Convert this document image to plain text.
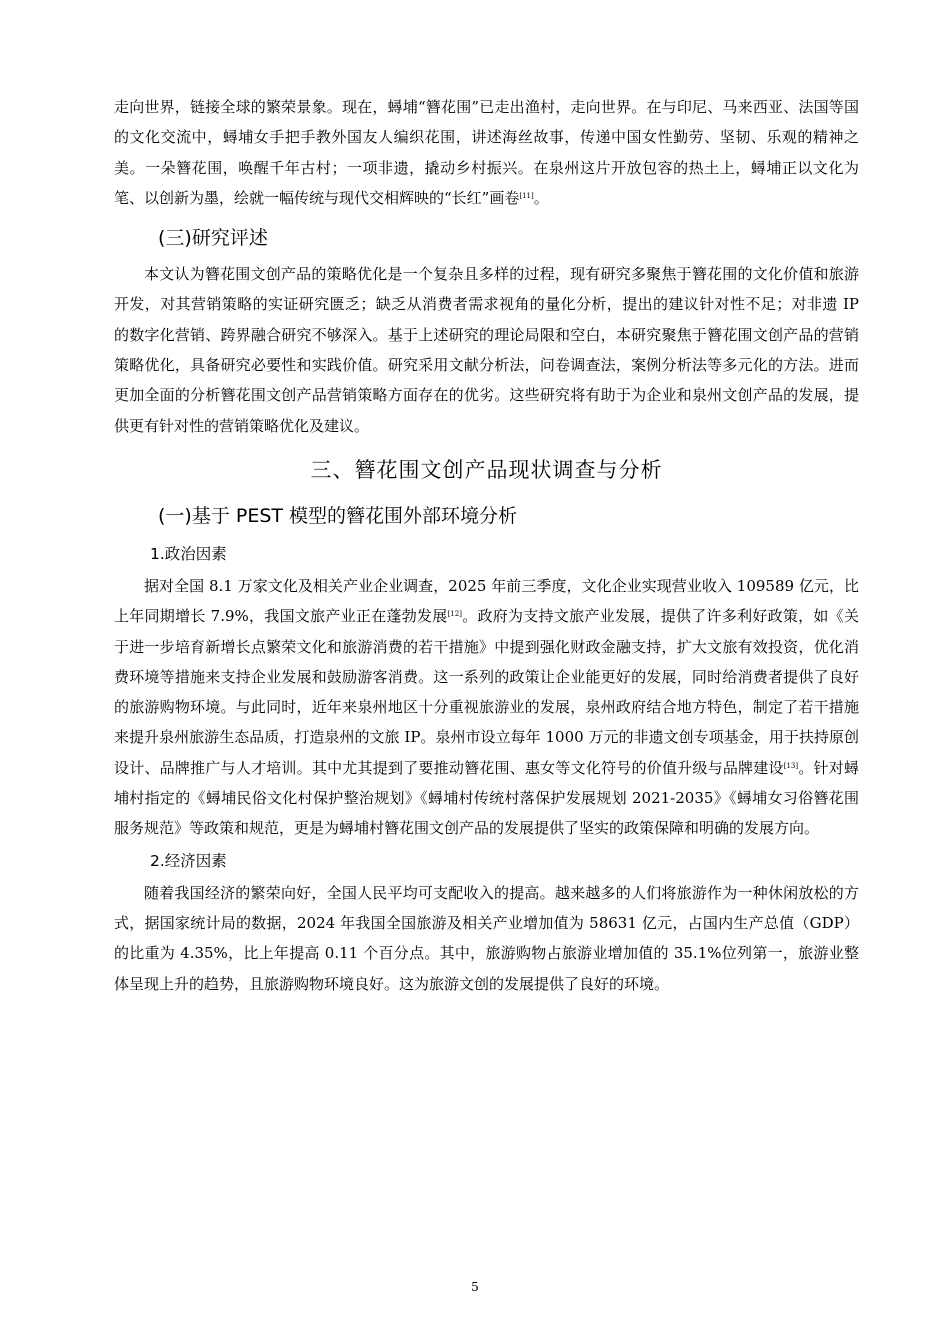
走向世界，链接全球的繁荣景象。现在，蟳埔“簪花围”已走出渔村，走向世界。在与印尼、马来西亚、法国等国的文化交流中，蟳埔女手把手教外国友人编织花围，讲述海丝故事，传递中国女性勤劳、坚韧、乐观的精神之美。一朵簪花围，唤醒千年古村；一项非遗，撬动乡村振兴。在泉州这片开放包容的热土上，蟳埔正以文化为笔、以创新为墨，绘就一幅传统与现代交相辉映的“长红”画卷[11]。

(三)研究评述

本文认为簪花围文创产品的策略优化是一个复杂且多样的过程，现有研究多聚焦于簪花围的文化价值和旅游开发，对其营销策略的实证研究匮乏；缺乏从消费者需求视角的量化分析，提出的建议针对性不足；对非遗 IP 的数字化营销、跨界融合研究不够深入。基于上述研究的理论局限和空白，本研究聚焦于簪花围文创产品的营销策略优化，具备研究必要性和实践价值。研究采用文献分析法，问卷调查法，案例分析法等多元化的方法。进而更加全面的分析簪花围文创产品营销策略方面存在的优劣。这些研究将有助于为企业和泉州文创产品的发展，提供更有针对性的营销策略优化及建议。

三、簪花围文创产品现状调查与分析
(一)基于 PEST 模型的簪花围外部环境分析
1.政治因素

据对全国 8.1 万家文化及相关产业企业调查，2025 年前三季度，文化企业实现营业收入 109589 亿元，比上年同期增长 7.9%，我国文旅产业正在蓬勃发展[12]。政府为支持文旅产业发展，提供了许多利好政策，如《关于进一步培育新增长点繁荣文化和旅游消费的若干措施》中提到强化财政金融支持，扩大文旅有效投资，优化消费环境等措施来支持企业发展和鼓励游客消费。这一系列的政策让企业能更好的发展，同时给消费者提供了良好的旅游购物环境。与此同时，近年来泉州地区十分重视旅游业的发展，泉州政府结合地方特色，制定了若干措施来提升泉州旅游生态品质，打造泉州的文旅 IP。泉州市设立每年 1000 万元的非遗文创专项基金，用于扶持原创设计、品牌推广与人才培训。其中尤其提到了要推动簪花围、惠女等文化符号的价值升级与品牌建设[13]。针对蟳埔村指定的《蟳埔民俗文化村保护整治规划》《蟳埔村传统村落保护发展规划 2021-2035》《蟳埔女习俗簪花围服务规范》等政策和规范，更是为蟳埔村簪花围文创产品的发展提供了坚实的政策保障和明确的发展方向。

2.经济因素

随着我国经济的繁荣向好，全国人民平均可支配收入的提高。越来越多的人们将旅游作为一种休闲放松的方式，据国家统计局的数据，2024 年我国全国旅游及相关产业增加值为 58631 亿元，占国内生产总值（GDP）的比重为 4.35%，比上年提高 0.11 个百分点。其中，旅游购物占旅游业增加值的 35.1%位列第一，旅游业整体呈现上升的趋势，且旅游购物环境良好。这为旅游文创的发展提供了良好的环境。

5
